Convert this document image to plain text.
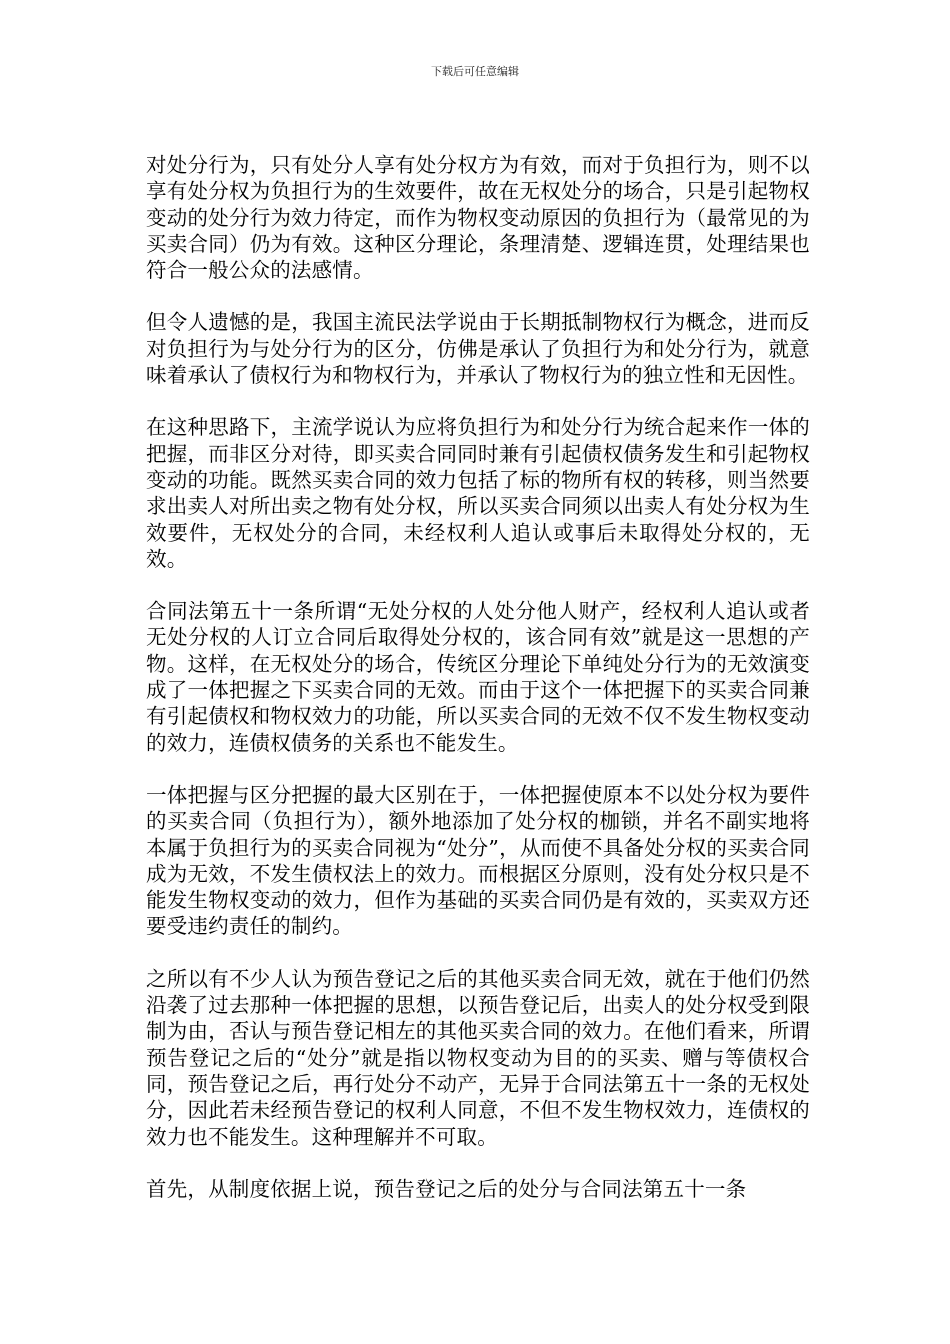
下载后可任意编辑

对处分行为，只有处分人享有处分权方为有效，而对于负担行为，则不以享有处分权为负担行为的生效要件，故在无权处分的场合，只是引起物权变动的处分行为效力待定，而作为物权变动原因的负担行为（最常见的为买卖合同）仍为有效。这种区分理论，条理清楚、逻辑连贯，处理结果也符合一般公众的法感情。

但令人遗憾的是，我国主流民法学说由于长期抵制物权行为概念，进而反对负担行为与处分行为的区分，仿佛是承认了负担行为和处分行为，就意味着承认了债权行为和物权行为，并承认了物权行为的独立性和无因性。

在这种思路下，主流学说认为应将负担行为和处分行为统合起来作一体的把握，而非区分对待，即买卖合同同时兼有引起债权债务发生和引起物权变动的功能。既然买卖合同的效力包括了标的物所有权的转移，则当然要求出卖人对所出卖之物有处分权，所以买卖合同须以出卖人有处分权为生效要件，无权处分的合同，未经权利人追认或事后未取得处分权的，无效。

合同法第五十一条所谓“无处分权的人处分他人财产，经权利人追认或者无处分权的人订立合同后取得处分权的，该合同有效”就是这一思想的产物。这样，在无权处分的场合，传统区分理论下单纯处分行为的无效演变成了一体把握之下买卖合同的无效。而由于这个一体把握下的买卖合同兼有引起债权和物权效力的功能，所以买卖合同的无效不仅不发生物权变动的效力，连债权债务的关系也不能发生。

一体把握与区分把握的最大区别在于，一体把握使原本不以处分权为要件的买卖合同（负担行为），额外地添加了处分权的枷锁，并名不副实地将本属于负担行为的买卖合同视为“处分”，从而使不具备处分权的买卖合同成为无效，不发生债权法上的效力。而根据区分原则，没有处分权只是不能发生物权变动的效力，但作为基础的买卖合同仍是有效的，买卖双方还要受违约责任的制约。

之所以有不少人认为预告登记之后的其他买卖合同无效，就在于他们仍然沿袭了过去那种一体把握的思想，以预告登记后，出卖人的处分权受到限制为由，否认与预告登记相左的其他买卖合同的效力。在他们看来，所谓预告登记之后的“处分”就是指以物权变动为目的的买卖、赠与等债权合同，预告登记之后，再行处分不动产，无异于合同法第五十一条的无权处分，因此若未经预告登记的权利人同意，不但不发生物权效力，连债权的效力也不能发生。这种理解并不可取。

首先，从制度依据上说，预告登记之后的处分与合同法第五十一条
